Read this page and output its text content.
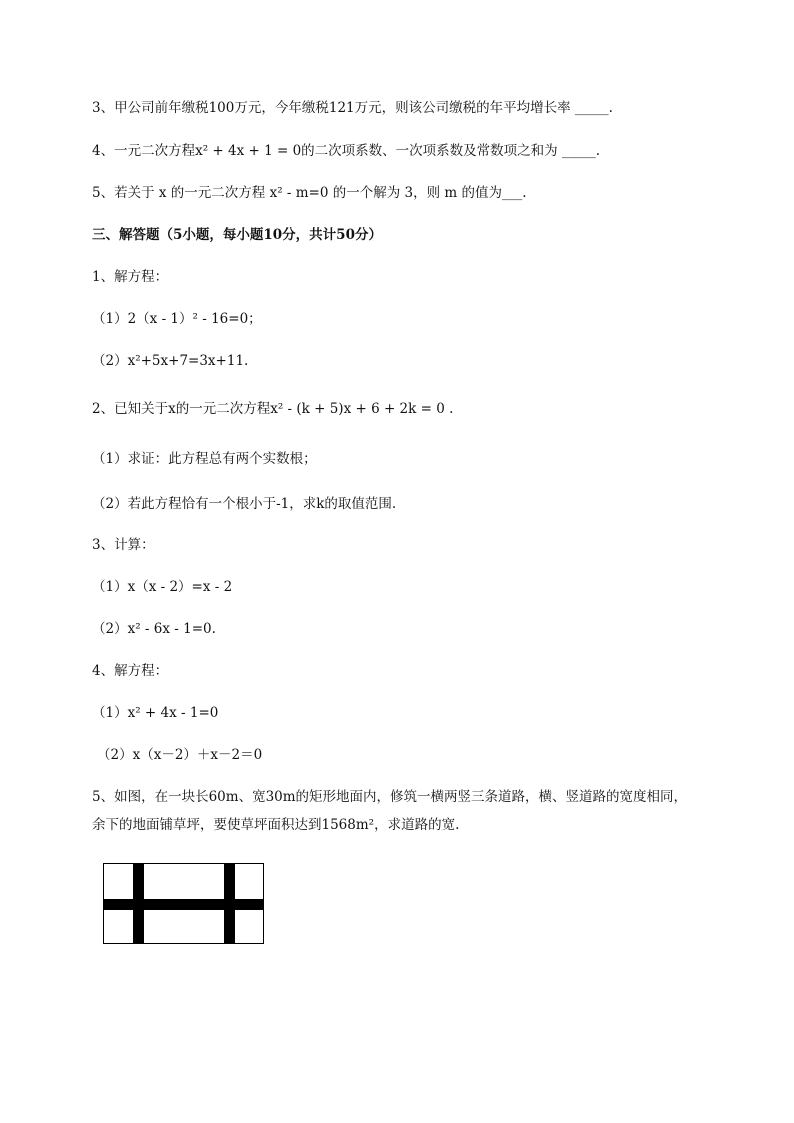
3、甲公司前年缴税100万元，今年缴税121万元，则该公司缴税的年平均增长率 _____.
4、一元二次方程x² + 4x + 1 = 0的二次项系数、一次项系数及常数项之和为 _____.
5、若关于 x 的一元二次方程 x² - m=0 的一个解为 3，则 m 的值为___.
三、解答题（5小题，每小题10分，共计50分）
1、解方程：
（1）2（x - 1）² - 16=0；
（2）x²+5x+7=3x+11.
2、已知关于x的一元二次方程x² - (k + 5)x + 6 + 2k = 0 .
（1）求证：此方程总有两个实数根；
（2）若此方程恰有一个根小于-1，求k的取值范围.
3、计算：
（1）x（x - 2）=x - 2
（2）x² - 6x - 1=0.
4、解方程：
（1）x² + 4x - 1=0
（2）x（x－2）＋x－2＝0
5、如图，在一块长60m、宽30m的矩形地面内，修筑一横两竖三条道路，横、竖道路的宽度相同，
余下的地面铺草坪，要使草坪面积达到1568m²，求道路的宽.
